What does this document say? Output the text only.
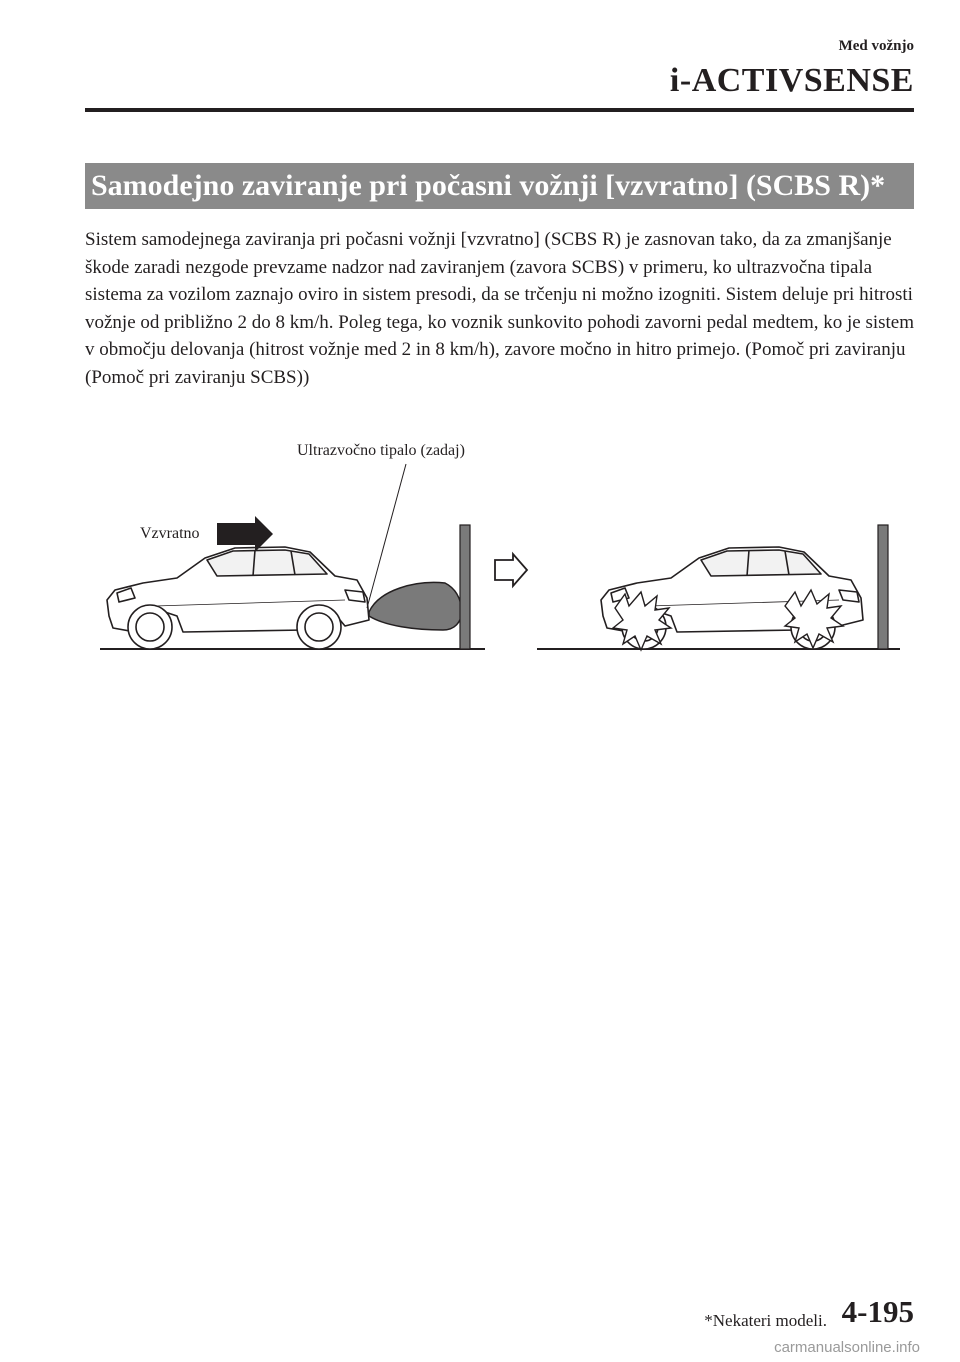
Med vožnjo
i-ACTIVSENSE
Samodejno zaviranje pri počasni vožnji [vzvratno] (SCBS R)*
Sistem samodejnega zaviranja pri počasni vožnji [vzvratno] (SCBS R) je zasnovan tako, da za zmanjšanje škode zaradi nezgode prevzame nadzor nad zaviranjem (zavora SCBS) v primeru, ko ultrazvočna tipala sistema za vozilom zaznajo oviro in sistem presodi, da se trčenju ni možno izogniti. Sistem deluje pri hitrosti vožnje od približno 2 do 8 km/h. Poleg tega, ko voznik sunkovito pohodi zavorni pedal medtem, ko je sistem v območju delovanja (hitrost vožnje med 2 in 8 km/h), zavore močno in hitro primejo. (Pomoč pri zaviranju (Pomoč pri zaviranju SCBS))
Ultrazvočno tipalo (zadaj)
Vzvratno
*Nekateri modeli. 4-195
carmanualsonline.info
